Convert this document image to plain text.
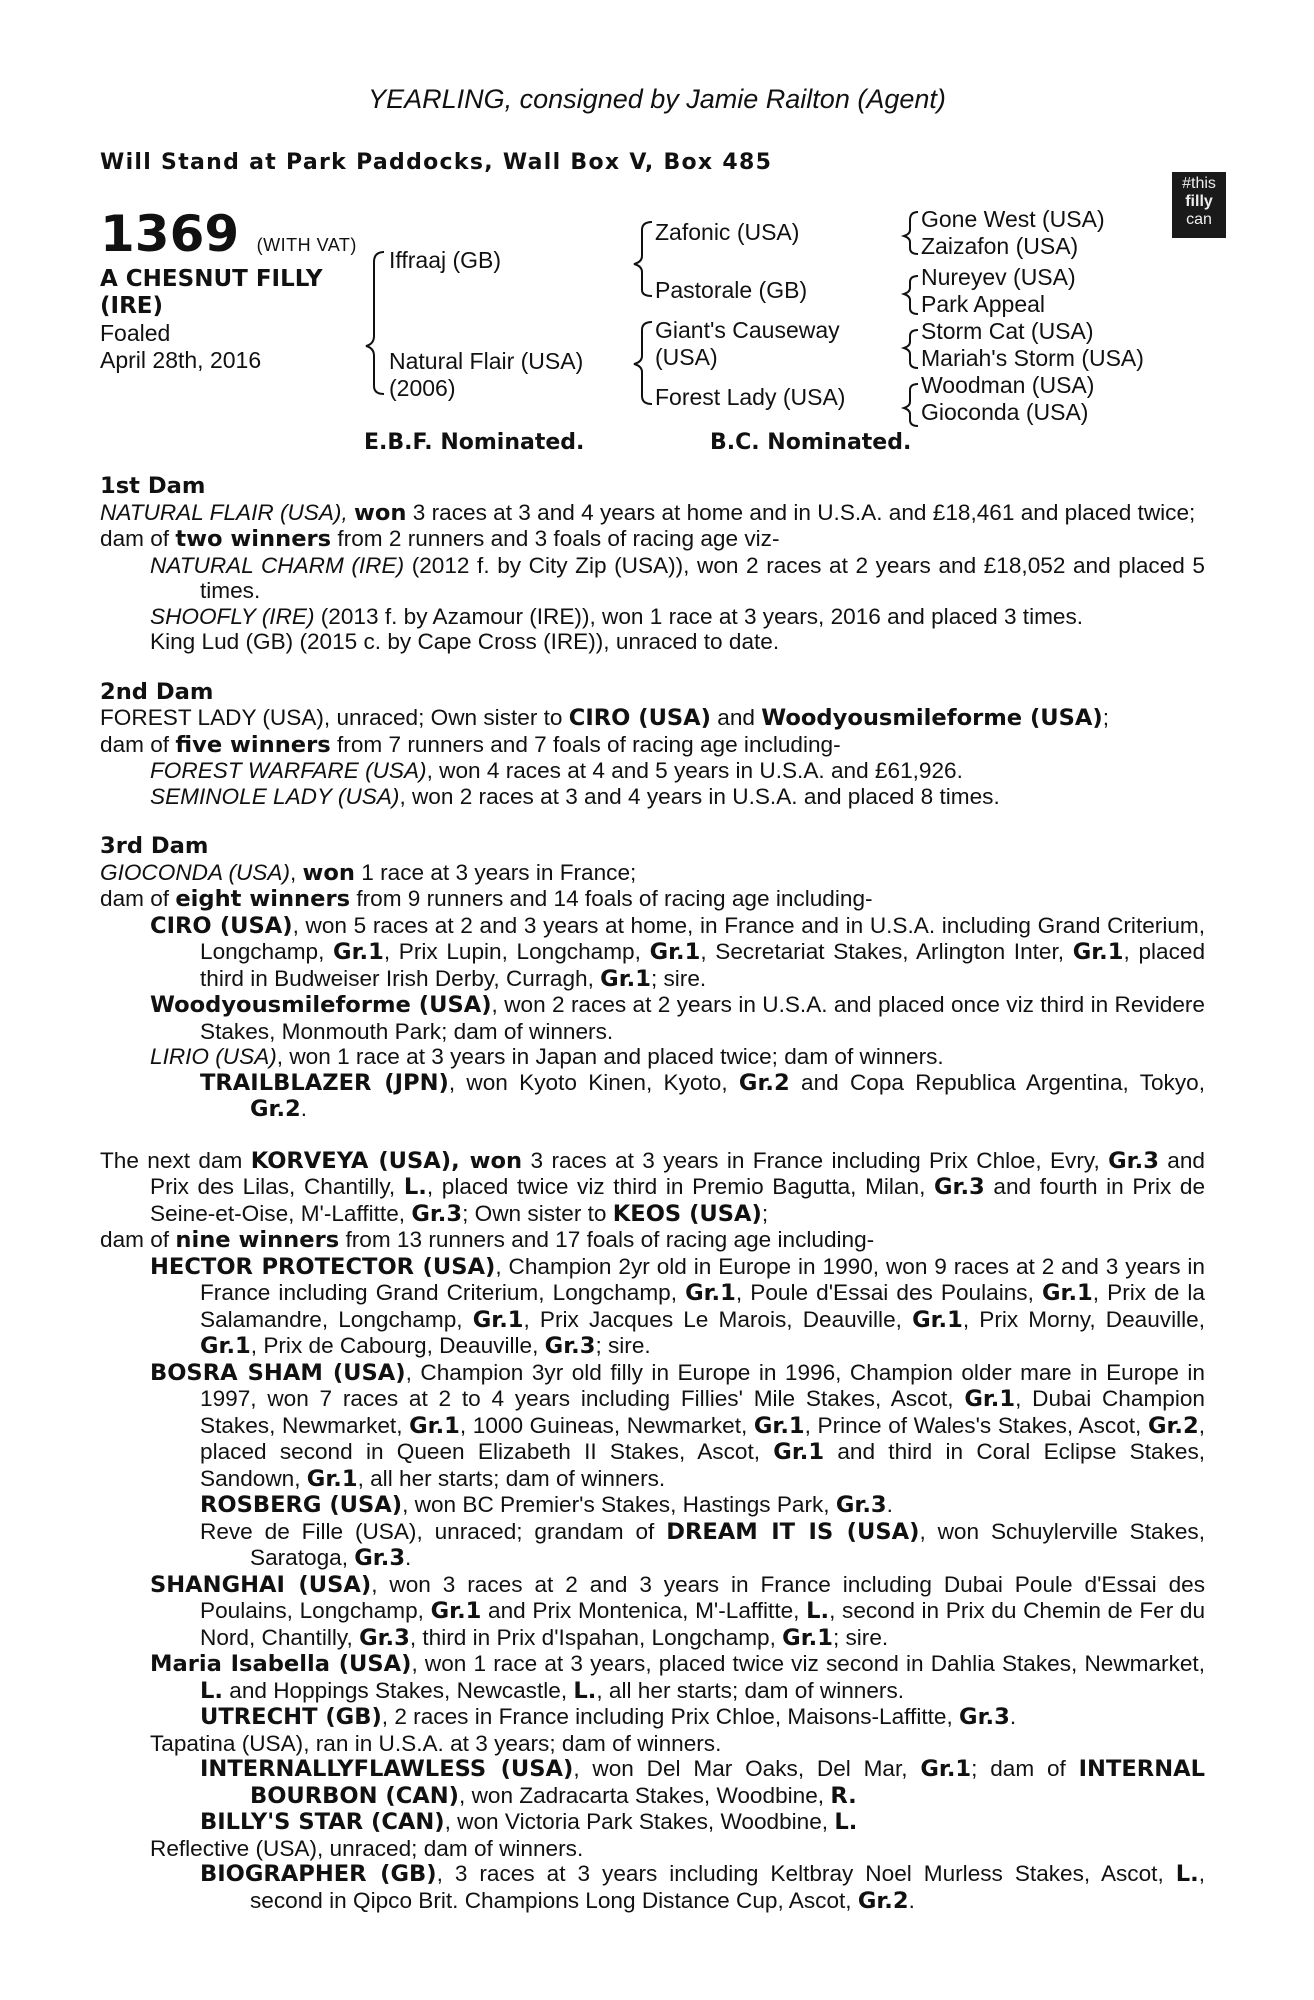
YEARLING, consigned by Jamie Railton (Agent)
Will Stand at Park Paddocks, Wall Box V, Box 485
#this
filly
can
1369 (WITH VAT)
A CHESNUT FILLY
(IRE)
Foaled
April 28th, 2016
Iffraaj (GB)
Natural Flair (USA)
(2006)
Zafonic (USA)
Pastorale (GB)
Giant's Causeway
(USA)
Forest Lady (USA)
Gone West (USA)
Zaizafon (USA)
Nureyev (USA)
Park Appeal
Storm Cat (USA)
Mariah's Storm (USA)
Woodman (USA)
Gioconda (USA)
E.B.F. Nominated.	B.C. Nominated.

1st Dam

NATURAL FLAIR (USA), won 3 races at 3 and 4 years at home and in U.S.A. and £18,461 and placed twice;

dam of two winners from 2 runners and 3 foals of racing age viz-

NATURAL CHARM (IRE) (2012 f. by City Zip (USA)), won 2 races at 2 years and £18,052 and placed 5 times.

SHOOFLY (IRE) (2013 f. by Azamour (IRE)), won 1 race at 3 years, 2016 and placed 3 times.

King Lud (GB) (2015 c. by Cape Cross (IRE)), unraced to date.

2nd Dam

FOREST LADY (USA), unraced; Own sister to CIRO (USA) and Woodyousmileforme (USA);

dam of five winners from 7 runners and 7 foals of racing age including-

FOREST WARFARE (USA), won 4 races at 4 and 5 years in U.S.A. and £61,926.

SEMINOLE LADY (USA), won 2 races at 3 and 4 years in U.S.A. and placed 8 times.

3rd Dam

GIOCONDA (USA), won 1 race at 3 years in France;

dam of eight winners from 9 runners and 14 foals of racing age including-

CIRO (USA), won 5 races at 2 and 3 years at home, in France and in U.S.A. including Grand Criterium, Longchamp, Gr.1, Prix Lupin, Longchamp, Gr.1, Secretariat Stakes, Arlington Inter, Gr.1, placed third in Budweiser Irish Derby, Curragh, Gr.1; sire.

Woodyousmileforme (USA), won 2 races at 2 years in U.S.A. and placed once viz third in Revidere Stakes, Monmouth Park; dam of winners.

LIRIO (USA), won 1 race at 3 years in Japan and placed twice; dam of winners.

TRAILBLAZER (JPN), won Kyoto Kinen, Kyoto, Gr.2 and Copa Republica Argentina, Tokyo, Gr.2.

The next dam KORVEYA (USA), won 3 races at 3 years in France including Prix Chloe, Evry, Gr.3 and Prix des Lilas, Chantilly, L., placed twice viz third in Premio Bagutta, Milan, Gr.3 and fourth in Prix de Seine-et-Oise, M'-Laffitte, Gr.3; Own sister to KEOS (USA);

dam of nine winners from 13 runners and 17 foals of racing age including-

HECTOR PROTECTOR (USA), Champion 2yr old in Europe in 1990, won 9 races at 2 and 3 years in France including Grand Criterium, Longchamp, Gr.1, Poule d'Essai des Poulains, Gr.1, Prix de la Salamandre, Longchamp, Gr.1, Prix Jacques Le Marois, Deauville, Gr.1, Prix Morny, Deauville, Gr.1, Prix de Cabourg, Deauville, Gr.3; sire.

BOSRA SHAM (USA), Champion 3yr old filly in Europe in 1996, Champion older mare in Europe in 1997, won 7 races at 2 to 4 years including Fillies' Mile Stakes, Ascot, Gr.1, Dubai Champion Stakes, Newmarket, Gr.1, 1000 Guineas, Newmarket, Gr.1, Prince of Wales's Stakes, Ascot, Gr.2, placed second in Queen Elizabeth II Stakes, Ascot, Gr.1 and third in Coral Eclipse Stakes, Sandown, Gr.1, all her starts; dam of winners.

ROSBERG (USA), won BC Premier's Stakes, Hastings Park, Gr.3.

Reve de Fille (USA), unraced; grandam of DREAM IT IS (USA), won Schuylerville Stakes, Saratoga, Gr.3.

SHANGHAI (USA), won 3 races at 2 and 3 years in France including Dubai Poule d'Essai des Poulains, Longchamp, Gr.1 and Prix Montenica, M'-Laffitte, L., second in Prix du Chemin de Fer du Nord, Chantilly, Gr.3, third in Prix d'Ispahan, Longchamp, Gr.1; sire.

Maria Isabella (USA), won 1 race at 3 years, placed twice viz second in Dahlia Stakes, Newmarket, L. and Hoppings Stakes, Newcastle, L., all her starts; dam of winners.

UTRECHT (GB), 2 races in France including Prix Chloe, Maisons-Laffitte, Gr.3.

Tapatina (USA), ran in U.S.A. at 3 years; dam of winners.

INTERNALLYFLAWLESS (USA), won Del Mar Oaks, Del Mar, Gr.1; dam of INTERNAL BOURBON (CAN), won Zadracarta Stakes, Woodbine, R.

BILLY'S STAR (CAN), won Victoria Park Stakes, Woodbine, L.

Reflective (USA), unraced; dam of winners.

BIOGRAPHER (GB), 3 races at 3 years including Keltbray Noel Murless Stakes, Ascot, L., second in Qipco Brit. Champions Long Distance Cup, Ascot, Gr.2.
